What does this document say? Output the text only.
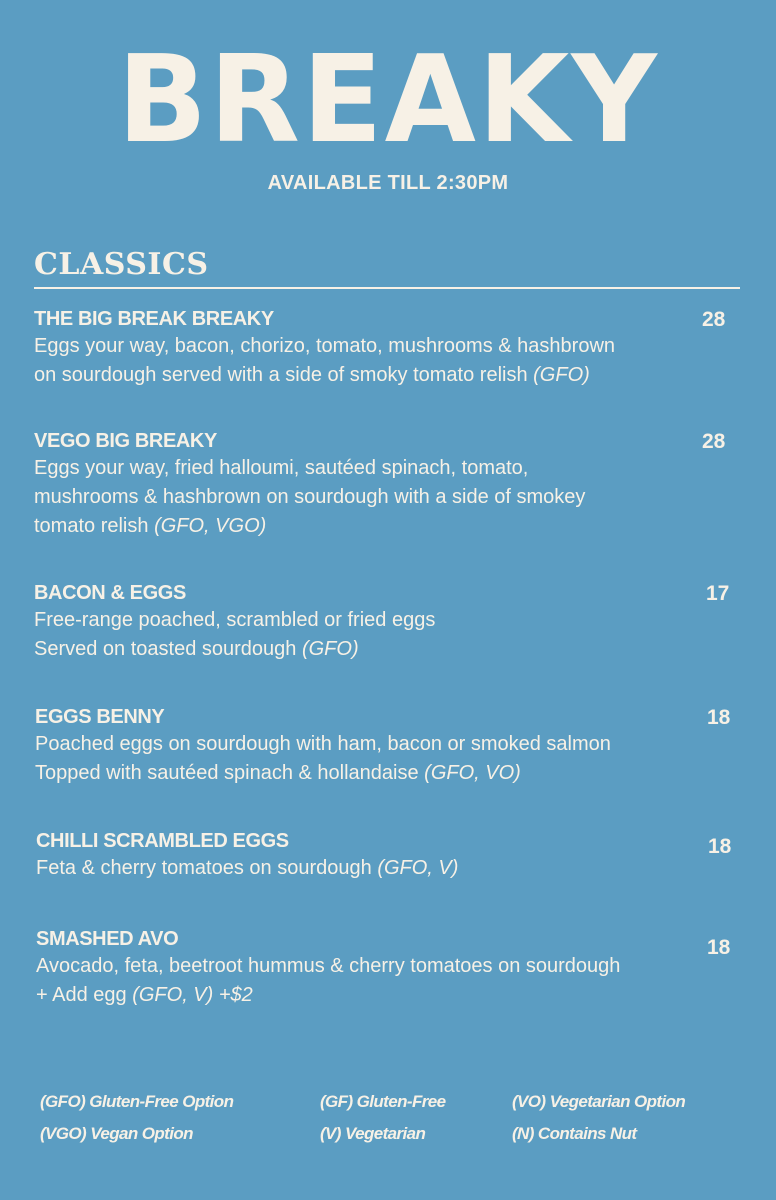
BREAKY
AVAILABLE TILL 2:30PM
CLASSICS
THE BIG BREAK BREAKY
Eggs your way, bacon, chorizo, tomato, mushrooms & hashbrown
on sourdough served with a side of smoky tomato relish (GFO)
28
VEGO BIG BREAKY
Eggs your way, fried halloumi, sautéed spinach, tomato,
mushrooms & hashbrown on sourdough with a side of smokey
tomato relish (GFO, VGO)
28
BACON & EGGS
Free-range poached, scrambled or fried eggs
Served on toasted sourdough (GFO)
17
EGGS BENNY
Poached eggs on sourdough with ham, bacon or smoked salmon
Topped with sautéed spinach & hollandaise (GFO, VO)
18
CHILLI SCRAMBLED EGGS
Feta & cherry tomatoes on sourdough (GFO, V)
18
SMASHED AVO
Avocado, feta, beetroot hummus & cherry tomatoes on sourdough
+ Add egg (GFO, V) +$2
18
(GFO) Gluten-Free Option	(GF) Gluten-Free	(VO) Vegetarian Option
(VGO) Vegan Option	(V) Vegetarian	(N) Contains Nut
